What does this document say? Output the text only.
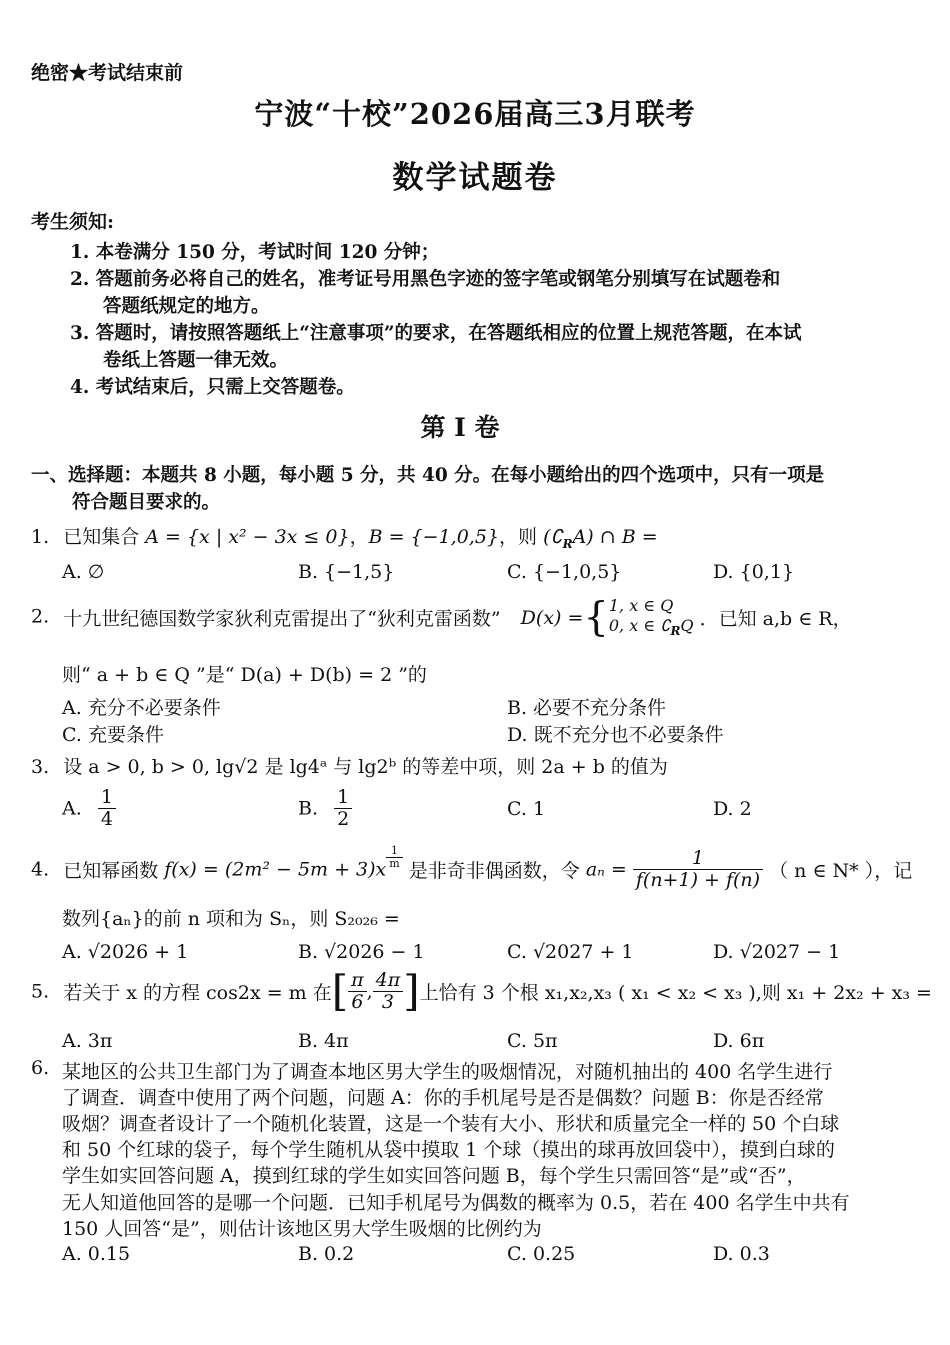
绝密★考试结束前
宁波“十校”2026届高三3月联考
数学试题卷
考生须知:
1. 本卷满分 150 分，考试时间 120 分钟；
2. 答题前务必将自己的姓名，准考证号用黑色字迹的签字笔或钢笔分别填写在试题卷和
答题纸规定的地方。
3. 答题时，请按照答题纸上“注意事项”的要求，在答题纸相应的位置上规范答题，在本试
卷纸上答题一律无效。
4. 考试结束后，只需上交答题卷。
第 I 卷
一、选择题：本题共 8 小题，每小题 5 分，共 40 分。在每小题给出的四个选项中，只有一项是
符合题目要求的。
1. 已知集合 A = {x | x² − 3x ≤ 0}，B = {−1,0,5}，则 $(∁_RA)$ ∩ B =
A. ∅	B. {−1,5}	C. {−1,0,5}	D. {0,1}
2. 十九世纪德国数学家狄利克雷提出了“狄利克雷函数” D(x) ={ 1, x ∈ Q
0, x ∈ $∁_RQ$ ．已知 a,b ∈ R，
则“ a + b ∈ Q ”是“ D(a) + D(b) = 2 ”的
A. 充分不必要条件	B. 必要不充分条件
C. 充要条件	D. 既不充分也不必要条件
3. 设 a > 0, b > 0, lg√2 是 lg4ᵃ 与 lg2ᵇ 的等差中项，则 2a + b 的值为
A. $\frac{1}{4}$	B. $\frac{1}{2}$	C. 1	D. 2
4. 已知幂函数 $f(x) = (2m^2 - 5m + 3)x \frac{1}{m}$
是非奇非偶函数，令 $a_n = \frac{1}{f(n+1) + f(n)}$ （ n ∈ N* ），记
数列{aₙ}的前 n 项和为 Sₙ，则 S₂₀₂₆ =
A. √2026 + 1	B. √2026 − 1	C. √2027 + 1	D. √2027 − 1
5. 若关于 x 的方程 cos2x = m 在[ $\frac{\pi}{6}$ , $\frac{4\pi}{3}$ ]上恰有 3 个根 x₁,x₂,x₃ ( x₁ < x₂ < x₃ ),则 x₁ + 2x₂ + x₃ =
A. 3π	B. 4π	C. 5π	D. 6π
6. 某地区的公共卫生部门为了调查本地区男大学生的吸烟情况，对随机抽出的 400 名学生进行
了调查．调查中使用了两个问题，问题 A：你的手机尾号是否是偶数？问题 B：你是否经常
吸烟？调查者设计了一个随机化装置，这是一个装有大小、形状和质量完全一样的 50 个白球
和 50 个红球的袋子，每个学生随机从袋中摸取 1 个球（摸出的球再放回袋中），摸到白球的
学生如实回答问题 A，摸到红球的学生如实回答问题 B，每个学生只需回答“是”或“否”，
无人知道他回答的是哪一个问题．已知手机尾号为偶数的概率为 0.5，若在 400 名学生中共有
150 人回答“是”，则估计该地区男大学生吸烟的比例约为
A. 0.15	B. 0.2	C. 0.25	D. 0.3
